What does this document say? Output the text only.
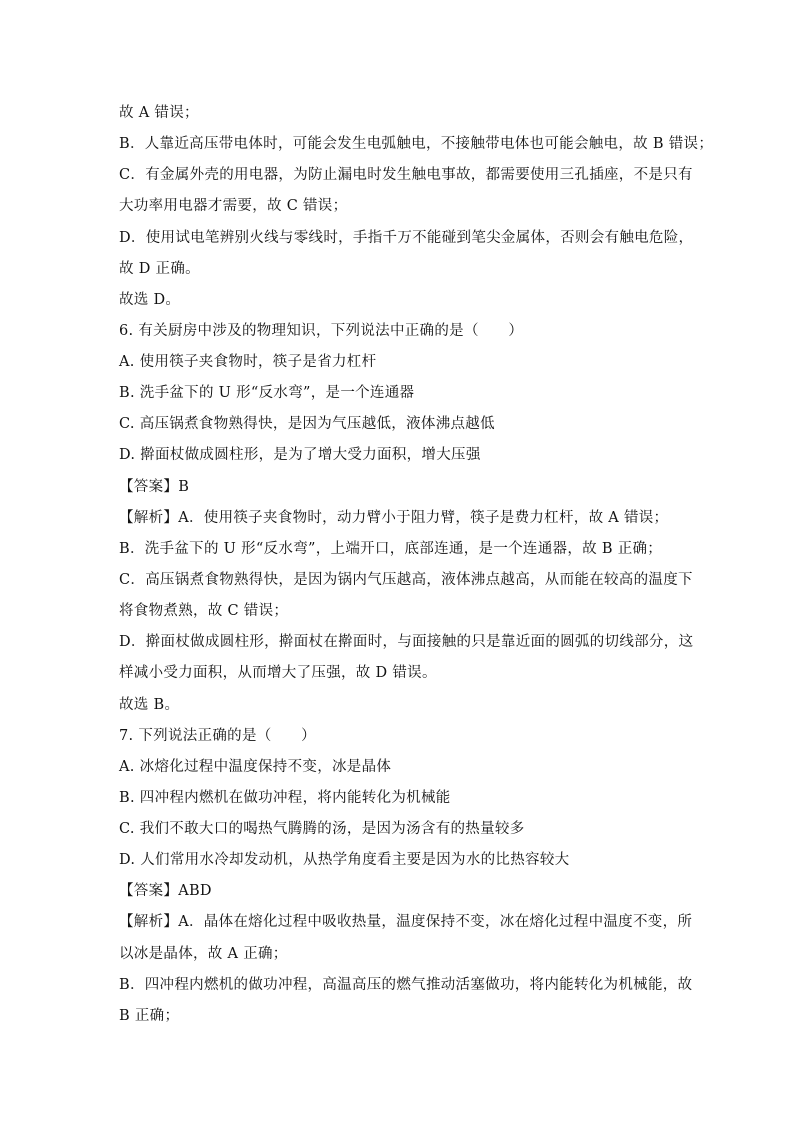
故 A 错误；
B．人靠近高压带电体时，可能会发生电弧触电，不接触带电体也可能会触电，故 B 错误；
C．有金属外壳的用电器，为防止漏电时发生触电事故，都需要使用三孔插座，不是只有
大功率用电器才需要，故 C 错误；
D．使用试电笔辨别火线与零线时，手指千万不能碰到笔尖金属体，否则会有触电危险，
故 D 正确。
故选 D。
6. 有关厨房中涉及的物理知识，下列说法中正确的是（　　）
A. 使用筷子夹食物时，筷子是省力杠杆
B. 洗手盆下的 U 形“反水弯”，是一个连通器
C. 高压锅煮食物熟得快，是因为气压越低，液体沸点越低
D. 擀面杖做成圆柱形，是为了增大受力面积，增大压强
【答案】B
【解析】A．使用筷子夹食物时，动力臂小于阻力臂，筷子是费力杠杆，故 A 错误；
B．洗手盆下的 U 形“反水弯”，上端开口，底部连通，是一个连通器，故 B 正确；
C．高压锅煮食物熟得快，是因为锅内气压越高，液体沸点越高，从而能在较高的温度下
将食物煮熟，故 C 错误；
D．擀面杖做成圆柱形，擀面杖在擀面时，与面接触的只是靠近面的圆弧的切线部分，这
样减小受力面积，从而增大了压强，故 D 错误。
故选 B。
7. 下列说法正确的是（　　）
A. 冰熔化过程中温度保持不变，冰是晶体
B. 四冲程内燃机在做功冲程，将内能转化为机械能
C. 我们不敢大口的喝热气腾腾的汤，是因为汤含有的热量较多
D. 人们常用水冷却发动机，从热学角度看主要是因为水的比热容较大
【答案】ABD
【解析】A．晶体在熔化过程中吸收热量，温度保持不变，冰在熔化过程中温度不变，所
以冰是晶体，故 A 正确；
B．四冲程内燃机的做功冲程，高温高压的燃气推动活塞做功，将内能转化为机械能，故
B 正确；
